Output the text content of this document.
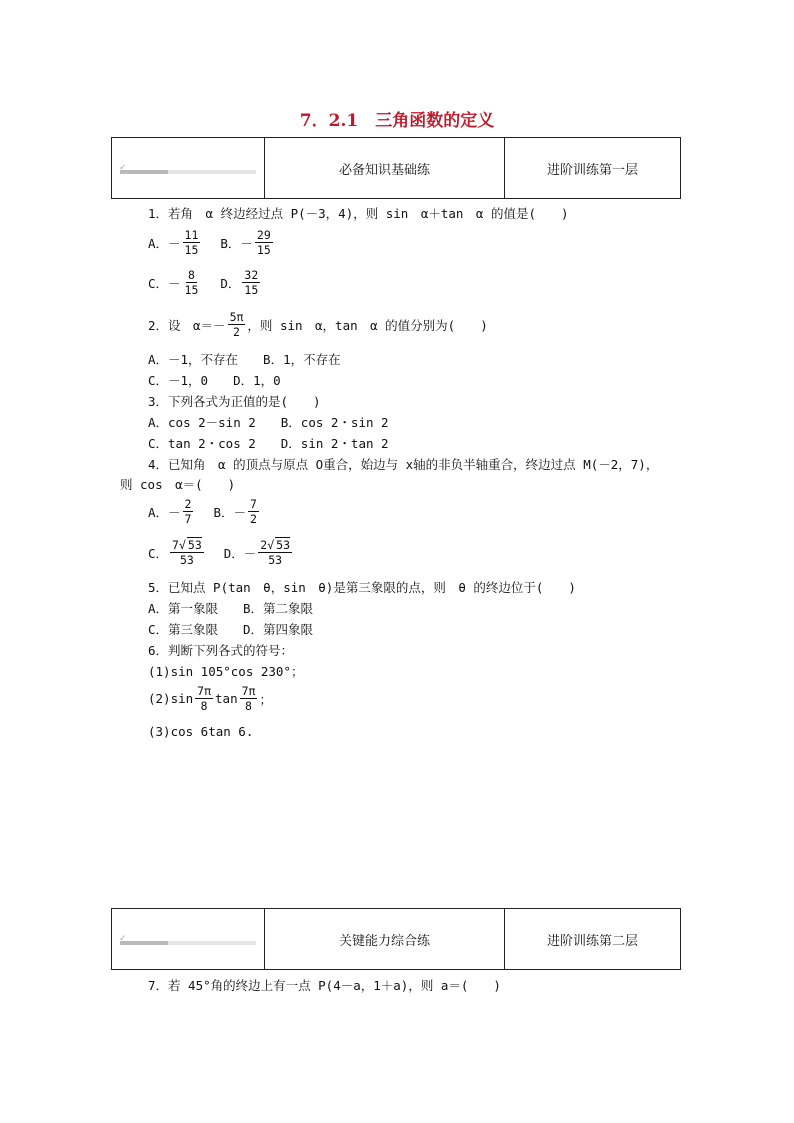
7．2.1　三角函数的定义
✓	必备知识基础练	进阶训练第一层
1．若角　α 终边经过点 P(－3，4)，则 sin　α＋tan　α 的值是(　　)
A．－ $\frac{11}{15}$ B．－ $\frac{29}{15}$
C．－ $\frac{8}{15}$ D． $\frac{32}{15}$
2．设　$\alpha=- \frac{5\pi}{2}$ ，则 sin　α，tan　α 的值分别为(　　)
A．－1，不存在　　B．1，不存在
C．－1，0　　D．1，0
3．下列各式为正值的是(　　)
A．cos 2－sin 2　　B．cos 2・sin 2
C．tan 2・cos 2　　D．sin 2・tan 2
4．已知角　α 的顶点与原点 O重合，始边与 x轴的非负半轴重合，终边过点 M(－2，7)，
则 cos　α＝(　　)
A．－ $\frac{2}{7}$ B．－ $\frac{7}{2}$
C． $\frac{7√ 53}{53}$ D．－ $\frac{2√ 53}{53}$
5．已知点 P(tan　θ，sin　θ)是第三象限的点，则　θ 的终边位于(　　)
A．第一象限　　B．第二象限
C．第三象限　　D．第四象限
6．判断下列各式的符号：
(1)sin 105°cos 230°；
$(2)\sin \frac{7\pi}{8}$ $\tan \frac{7\pi}{8}$ ；
(3)cos 6tan 6.
✓	关键能力综合练	进阶训练第二层
7．若 45°角的终边上有一点 P(4－a，1＋a)，则 a＝(　　)
